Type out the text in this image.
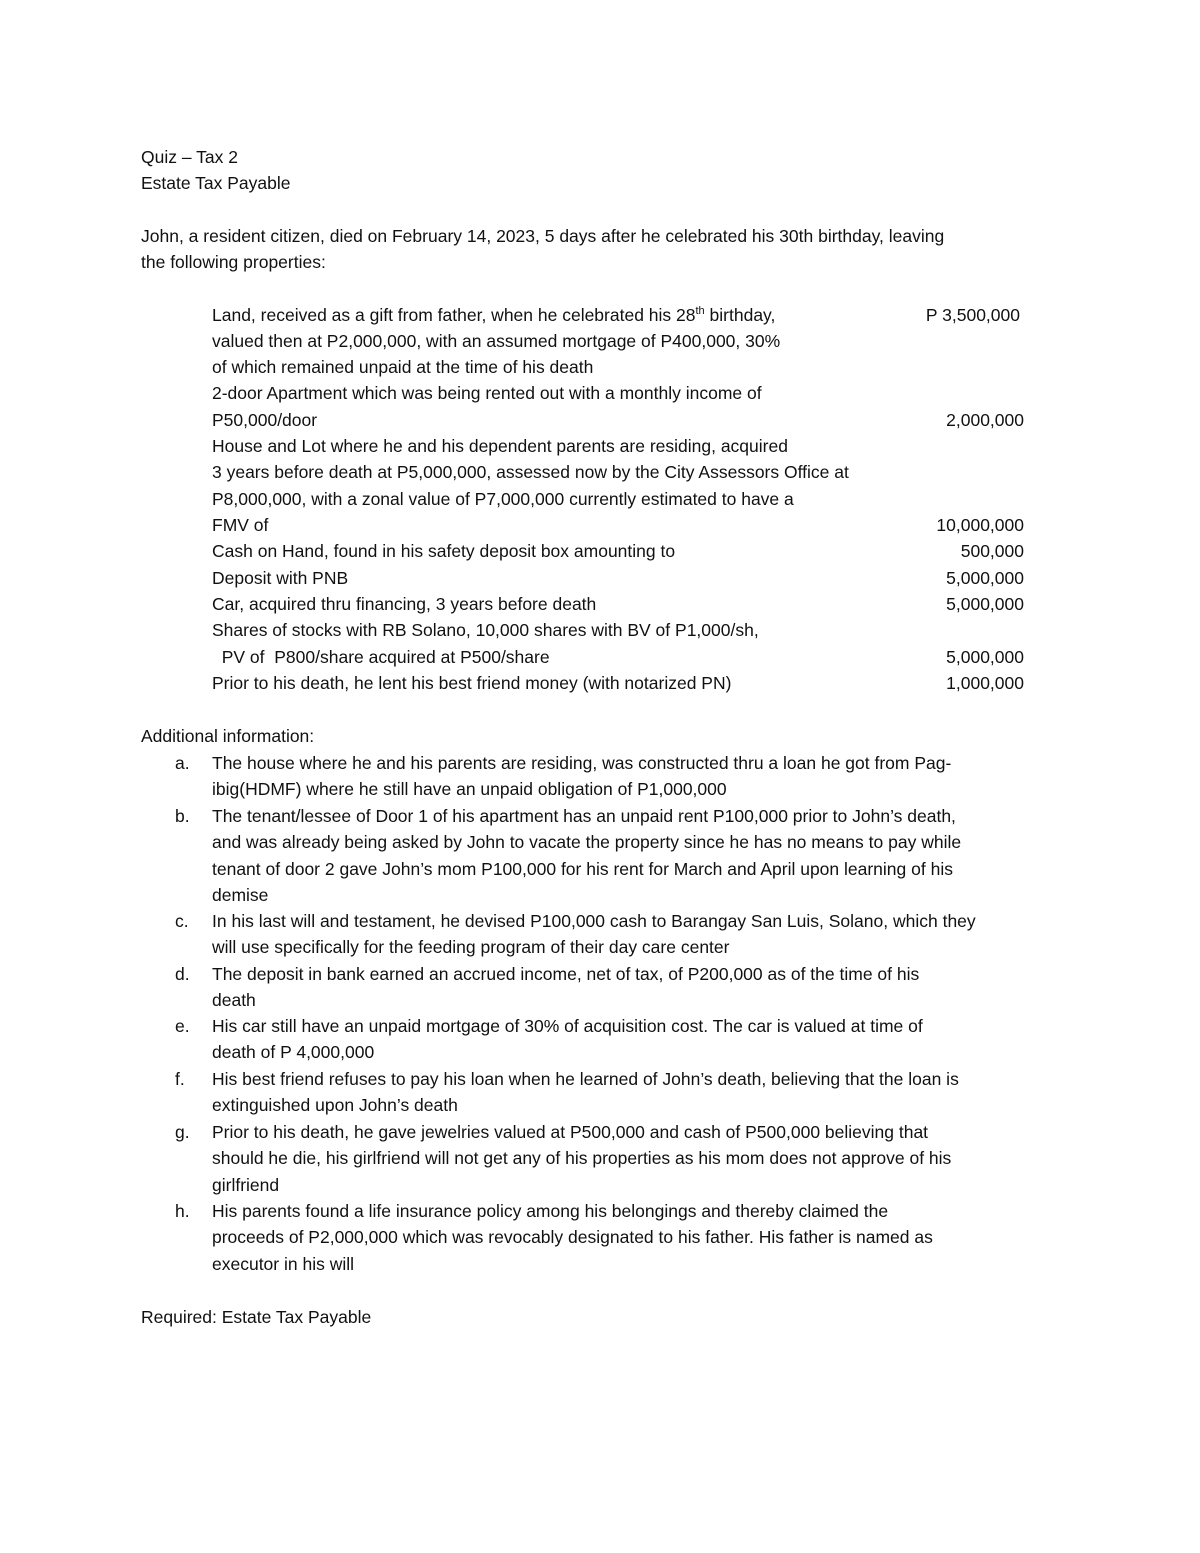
Quiz – Tax 2
Estate Tax Payable
John, a resident citizen, died on February 14, 2023, 5 days after he celebrated his 30th birthday, leaving
the following properties:
Land, received as a gift from father, when he celebrated his 28th birthday,	P 3,500,000
valued then at P2,000,000, with an assumed mortgage of P400,000, 30%
of which remained unpaid at the time of his death
2-door Apartment which was being rented out with a monthly income of
P50,000/door	2,000,000
House and Lot where he and his dependent parents are residing, acquired
3 years before death at P5,000,000, assessed now by the City Assessors Office at
P8,000,000, with a zonal value of P7,000,000 currently estimated to have a
FMV of	10,000,000
Cash on Hand, found in his safety deposit box amounting to	500,000
Deposit with PNB	5,000,000
Car, acquired thru financing, 3 years before death	5,000,000
Shares of stocks with RB Solano, 10,000 shares with BV of P1,000/sh,
PV of  P800/share acquired at P500/share	5,000,000
Prior to his death, he lent his best friend money (with notarized PN)	1,000,000
Additional information:
a. The house where he and his parents are residing, was constructed thru a loan he got from Pag-
ibig(HDMF) where he still have an unpaid obligation of P1,000,000
b. The tenant/lessee of Door 1 of his apartment has an unpaid rent P100,000 prior to John’s death,
and was already being asked by John to vacate the property since he has no means to pay while
tenant of door 2 gave John’s mom P100,000 for his rent for March and April upon learning of his
demise
c. In his last will and testament, he devised P100,000 cash to Barangay San Luis, Solano, which they
will use specifically for the feeding program of their day care center
d. The deposit in bank earned an accrued income, net of tax, of P200,000 as of the time of his
death
e. His car still have an unpaid mortgage of 30% of acquisition cost. The car is valued at time of
death of P 4,000,000
f. His best friend refuses to pay his loan when he learned of John’s death, believing that the loan is
extinguished upon John’s death
g. Prior to his death, he gave jewelries valued at P500,000 and cash of P500,000 believing that
should he die, his girlfriend will not get any of his properties as his mom does not approve of his
girlfriend
h. His parents found a life insurance policy among his belongings and thereby claimed the
proceeds of P2,000,000 which was revocably designated to his father. His father is named as
executor in his will
Required: Estate Tax Payable
